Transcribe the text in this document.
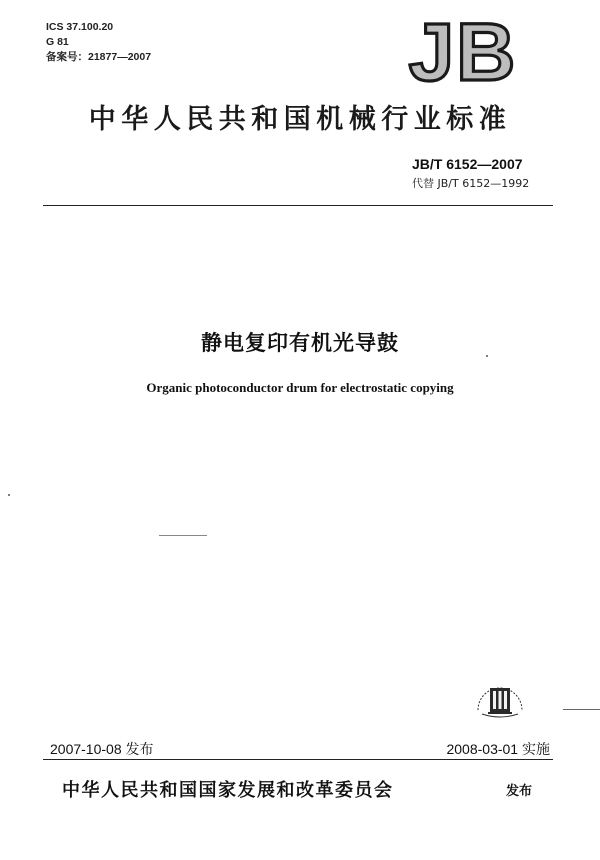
ICS 37.100.20
G 81
备案号：21877—2007	JB
中华人民共和国机械行业标准
JB/T 6152—2007
代替 JB/T 6152—1992
静电复印有机光导鼓
Organic photoconductor drum for electrostatic copying
2007-10-08 发布	2008-03-01 实施
中华人民共和国国家发展和改革委员会	发布
